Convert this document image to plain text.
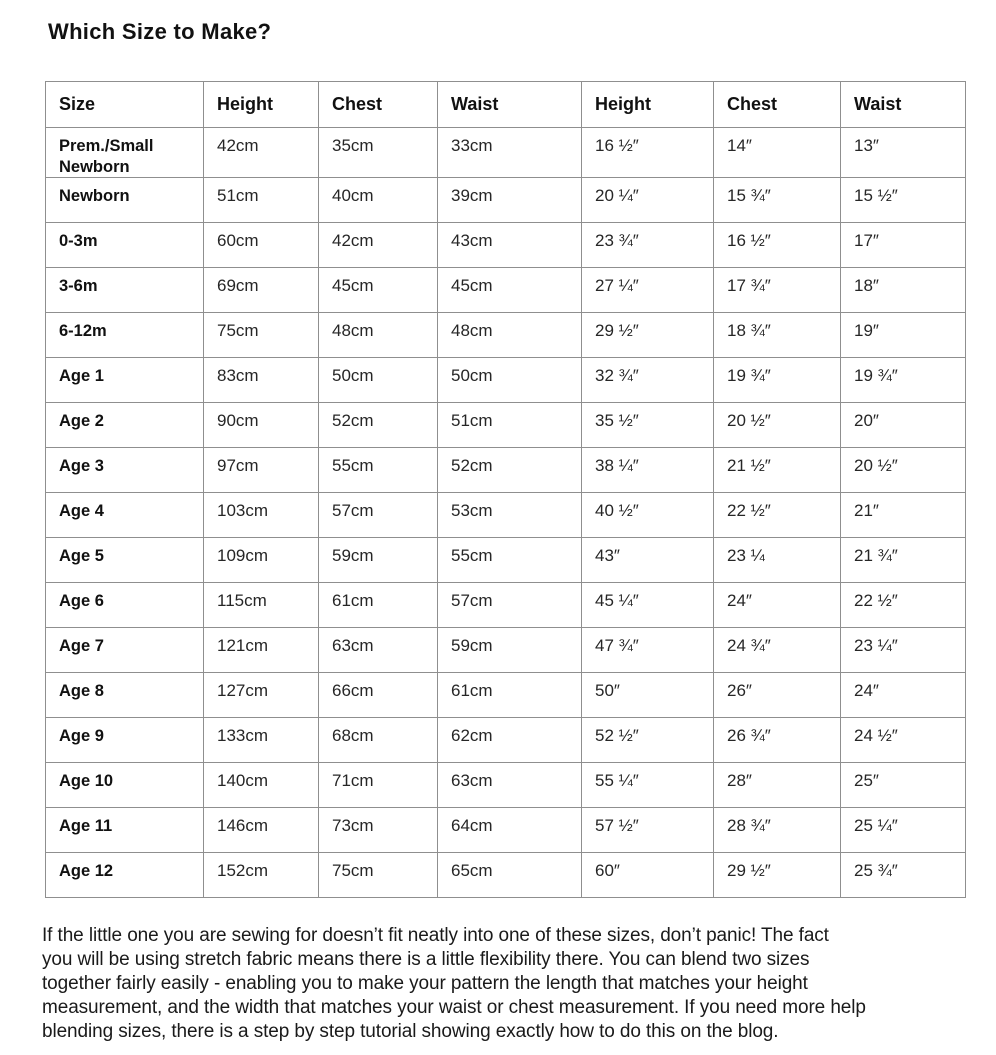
Which Size to Make?
Size	Height	Chest	Waist	Height	Chest	Waist
Prem./Small Newborn	42cm	35cm	33cm	16 ½″	14″	13″
Newborn	51cm	40cm	39cm	20 ¼″	15 ¾″	15 ½″
0-3m	60cm	42cm	43cm	23 ¾″	16 ½″	17″
3-6m	69cm	45cm	45cm	27 ¼″	17 ¾″	18″
6-12m	75cm	48cm	48cm	29 ½″	18 ¾″	19″
Age 1	83cm	50cm	50cm	32 ¾″	19 ¾″	19 ¾″
Age 2	90cm	52cm	51cm	35 ½″	20 ½″	20″
Age 3	97cm	55cm	52cm	38 ¼″	21 ½″	20 ½″
Age 4	103cm	57cm	53cm	40 ½″	22 ½″	21″
Age 5	109cm	59cm	55cm	43″	23 ¼	21 ¾″
Age 6	115cm	61cm	57cm	45 ¼″	24″	22 ½″
Age 7	121cm	63cm	59cm	47 ¾″	24 ¾″	23 ¼″
Age 8	127cm	66cm	61cm	50″	26″	24″
Age 9	133cm	68cm	62cm	52 ½″	26 ¾″	24 ½″
Age 10	140cm	71cm	63cm	55 ¼″	28″	25″
Age 11	146cm	73cm	64cm	57 ½″	28 ¾″	25 ¼″
Age 12	152cm	75cm	65cm	60″	29 ½″	25 ¾″
If the little one you are sewing for doesn’t fit neatly into one of these sizes, don’t panic! The fact
you will be using stretch fabric means there is a little flexibility there. You can blend two sizes
together fairly easily - enabling you to make your pattern the length that matches your height
measurement, and the width that matches your waist or chest measurement. If you need more help
blending sizes, there is a step by step tutorial showing exactly how to do this on the blog.
